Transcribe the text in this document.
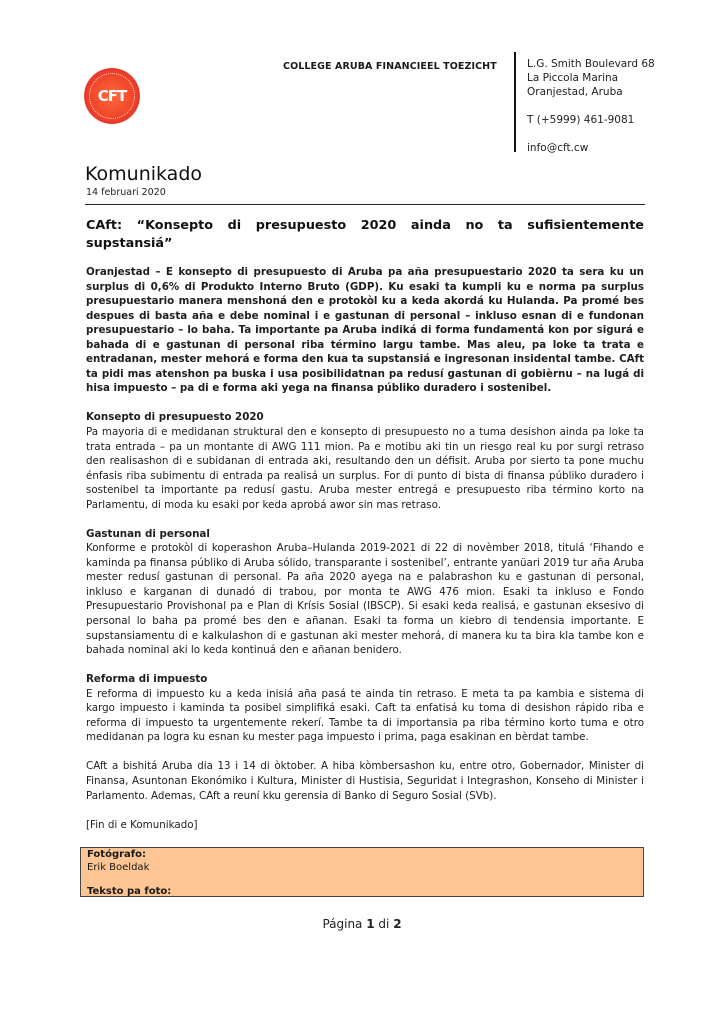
CFT
COLLEGE ARUBA FINANCIEEL TOEZICHT	L.G. Smith Boulevard 68
La Piccola Marina
Oranjestad, Aruba
T (+5999) 461-9081
info@cft.cw
Komunikado
14 februari 2020
CAft: “Konsepto di presupuesto 2020 ainda no ta sufisientemente supstansiá”

Oranjestad – E konsepto di presupuesto di Aruba pa aña presupuestario 2020 ta sera ku un surplus di 0,6% di Produkto Interno Bruto (GDP). Ku esaki ta kumpli ku e norma pa surplus presupuestario manera menshoná den e protokòl ku a keda akordá ku Hulanda. Pa promé bes despues di basta aña e debe nominal i e gastunan di personal – inkluso esnan di e fundonan presupuestario – lo baha. Ta importante pa Aruba indiká di forma fundamentá kon por sigurá e bahada di e gastunan di personal riba término largu tambe. Mas aleu, pa loke ta trata e entradanan, mester mehorá e forma den kua ta supstansiá e ingresonan insidental tambe. CAft ta pidi mas atenshon pa buska i usa posibilidatnan pa redusí gastunan di gobièrnu – na lugá di hisa impuesto – pa di e forma aki yega na finansa públiko duradero i sostenibel.

Konsepto di presupuesto 2020

Pa mayoria di e medidanan struktural den e konsepto di presupuesto no a tuma desishon ainda pa loke ta trata entrada – pa un montante di AWG 111 mion. Pa e motibu aki tin un riesgo real ku por surgi retraso den realisashon di e subidanan di entrada aki, resultando den un défisit. Aruba por sierto ta pone muchu énfasis riba subimentu di entrada pa realisá un surplus. For di punto di bista di finansa públiko duradero i sostenibel ta importante pa redusí gastu. Aruba mester entregá e presupuesto riba término korto na Parlamentu, di moda ku esaki por keda aprobá awor sin mas retraso.

Gastunan di personal

Konforme e protokòl di koperashon Aruba–Hulanda 2019-2021 di 22 di novèmber 2018, titulá ‘Fihando e kaminda pa finansa públiko di Aruba sólido, transparante i sostenibel’, entrante yanüari 2019 tur aña Aruba mester redusí gastunan di personal. Pa aña 2020 ayega na e palabrashon ku e gastunan di personal, inkluso e karganan di dunadó di trabou, por monta te AWG 476 mion. Esaki ta inkluso e Fondo Presupuestario Provishonal pa e Plan di Krísis Sosial (IBSCP). Si esaki keda realisá, e gastunan eksesivo di personal lo baha pa promé bes den e añanan. Esaki ta forma un kiebro di tendensia importante. E supstansiamentu di e kalkulashon di e gastunan aki mester mehorá, di manera ku ta bira kla tambe kon e bahada nominal aki lo keda kontinuá den e añanan benidero.

Reforma di impuesto

E reforma di impuesto ku a keda inisiá aña pasá te ainda tin retraso. E meta ta pa kambia e sistema di kargo impuesto i kaminda ta posibel simplifiká esaki. Caft ta enfatisá ku toma di desishon rápido riba e reforma di impuesto ta urgentemente rekerí. Tambe ta di importansia pa riba término korto tuma e otro medidanan pa logra ku esnan ku mester paga impuesto i prima, paga esakinan en bèrdat tambe.

CAft a bishitá Aruba dia 13 i 14 di òktober. A hiba kòmbersashon ku, entre otro, Gobernador, Minister di Finansa, Asuntonan Ekonómiko i Kultura, Minister di Hustisia, Seguridat i Integrashon, Konseho di Minister i Parlamento. Ademas, CAft a reuní kku gerensia di Banko di Seguro Sosial (SVb).

[Fin di e Komunikado]

Fotógrafo:
Erik Boeldak
Teksto pa foto:
Página 1 di 2
